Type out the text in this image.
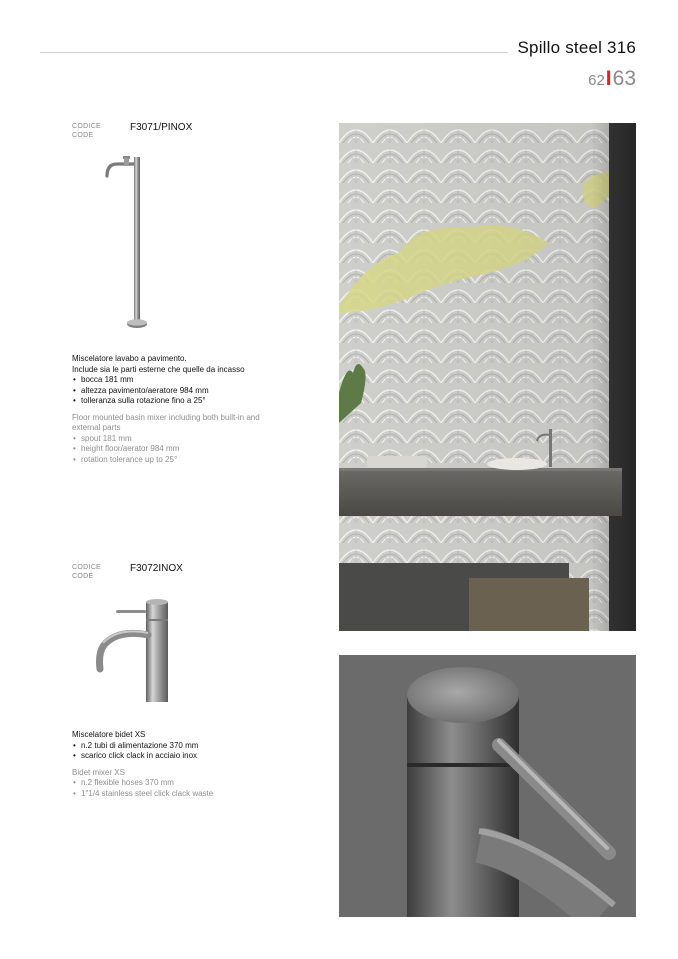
Spillo steel 316
62I63
CODICE
CODE
F3071/PINOX
Miscelatore lavabo a pavimento.
Include sia le parti esterne che quelle da incasso
• bocca 181 mm
• altezza pavimento/aeratore 984 mm
• tolleranza sulla rotazione fino a 25°
Floor mounted basin mixer including both built-in and external parts
• spout 181 mm
• height floor/aerator 984 mm
• rotation tolerance up to 25°
CODICE
CODE
F3072INOX
Miscelatore bidet XS
• n.2 tubi di alimentazione 370 mm
• scarico click clack in acciaio inox
Bidet mixer XS
• n.2 flexible hoses 370 mm
• 1"1/4 stainless steel click clack waste
